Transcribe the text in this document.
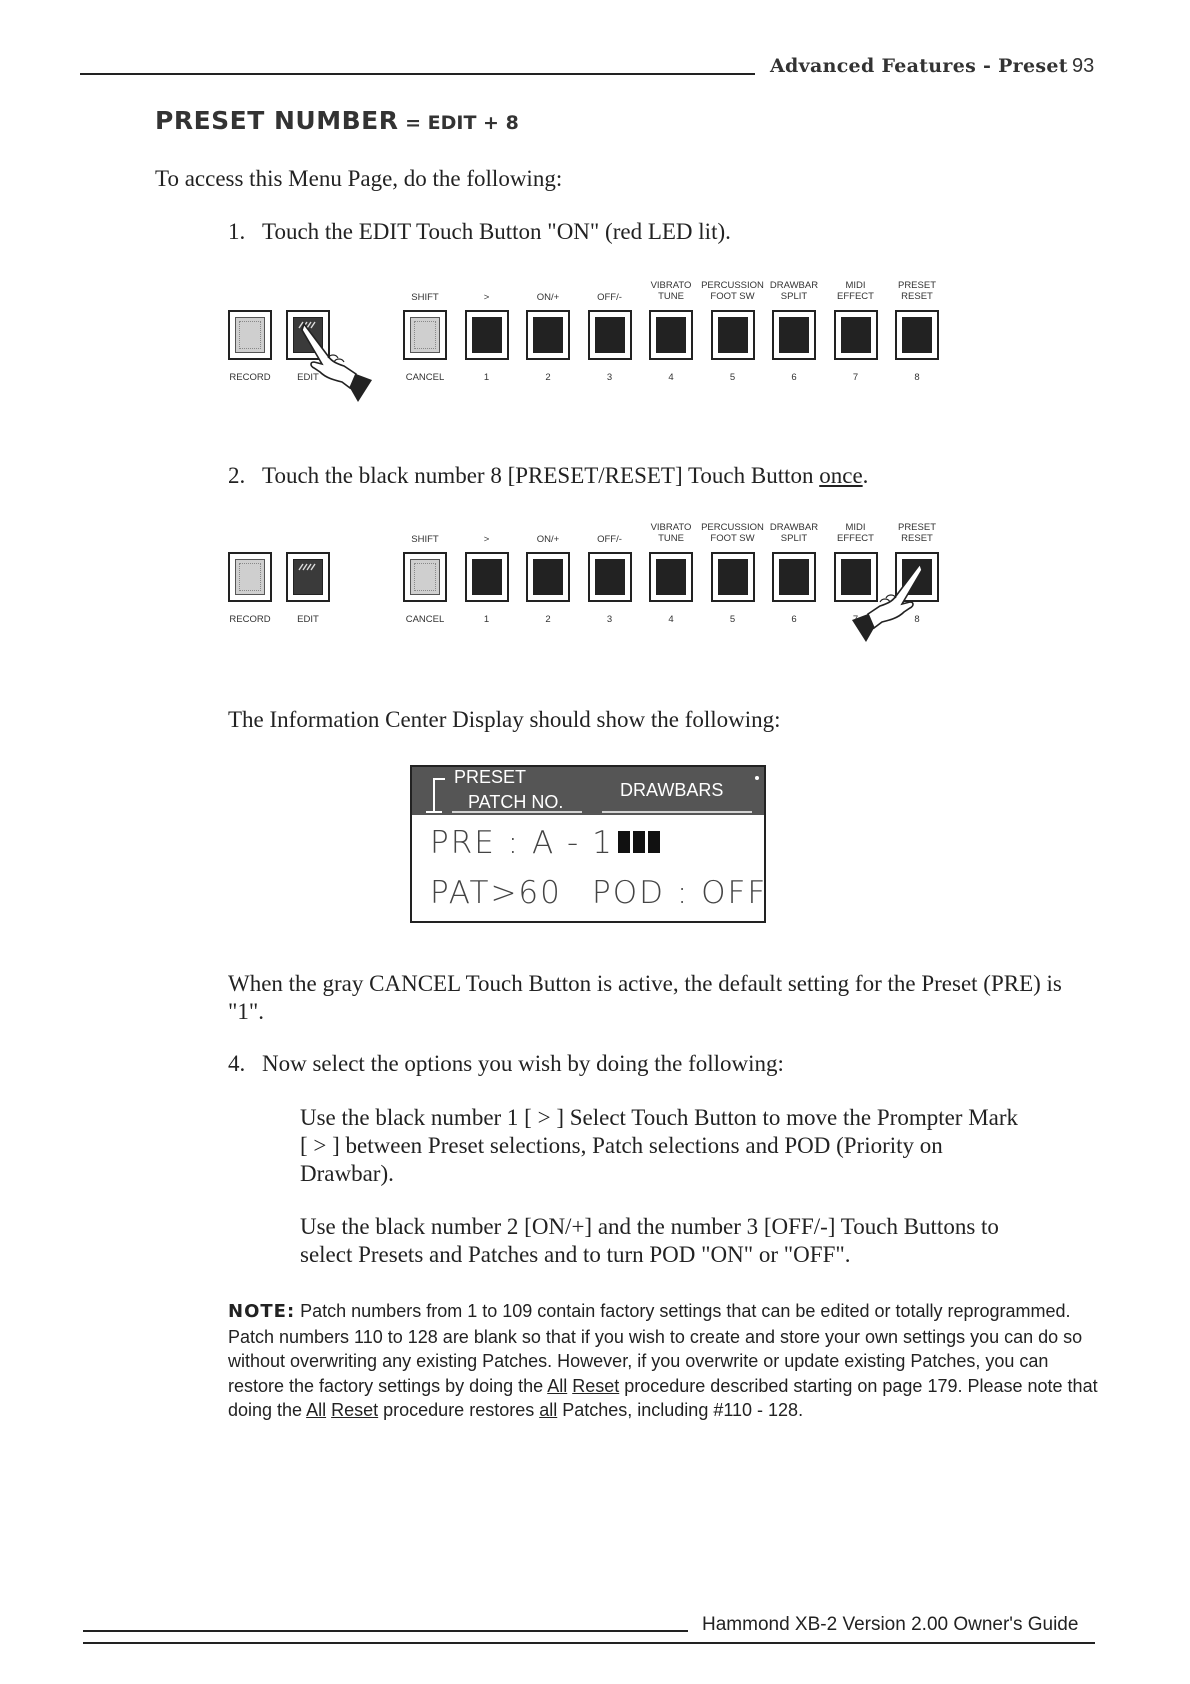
Advanced Features - Preset 93
PRESET NUMBER = EDIT + 8
To access this Menu Page, do the following:
1. Touch the EDIT Touch Button "ON" (red LED lit).
RECORD	EDIT	CANCEL
SHIFT
1
>
2
ON/+
3
OFF/-
4
VIBRATO
TUNE
5
PERCUSSION
FOOT SW
6
DRAWBAR
SPLIT
7
MIDI
EFFECT
8
PRESET
RESET
2. Touch the black number 8 [PRESET/RESET] Touch Button once.
RECORD	EDIT	CANCEL
SHIFT
1
>
2
ON/+
3
OFF/-
4
VIBRATO
TUNE
5
PERCUSSION
FOOT SW
6
DRAWBAR
SPLIT
MIDI
EFFECT
8
PRESET
RESET
The Information Center Display should show the following:
PRESET
PATCH NO.
DRAWBARS
PRE : A - 1
PAT>60 POD : OFF
When the gray CANCEL Touch Button is active, the default setting for the Preset (PRE) is "1".
4. Now select the options you wish by doing the following:
Use the black number 1 [ > ] Select Touch Button to move the Prompter Mark [ > ] between Preset selections, Patch selections and POD (Priority on Drawbar).
Use the black number 2 [ON/+] and the number 3 [OFF/-] Touch Buttons to select Presets and Patches and to turn POD "ON" or "OFF".
NOTE: Patch numbers from 1 to 109 contain factory settings that can be edited or totally reprogrammed. Patch numbers 110 to 128 are blank so that if you wish to create and store your own settings you can do so without overwriting any existing Patches. However, if you overwrite or update existing Patches, you can restore the factory settings by doing the All Reset procedure described starting on page 179. Please note that doing the All Reset procedure restores all Patches, including #110 - 128.
Hammond XB-2 Version 2.00 Owner's Guide
